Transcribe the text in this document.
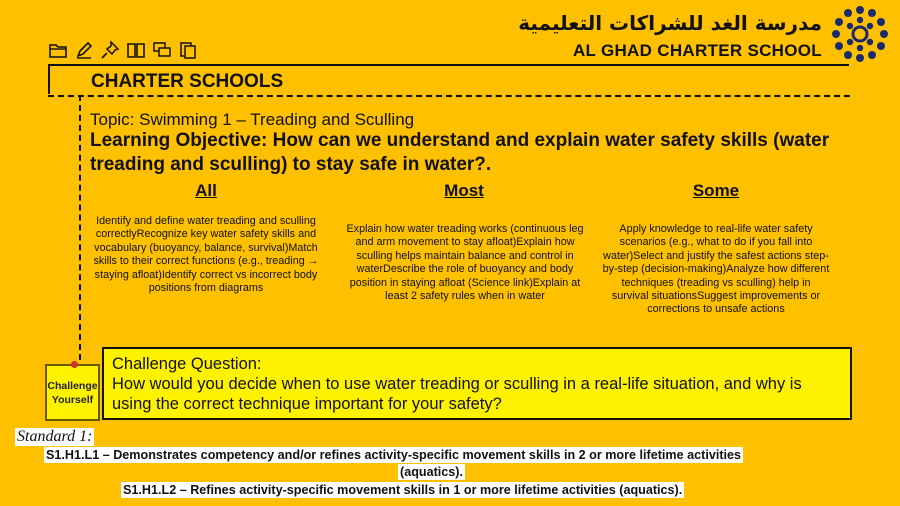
CHARTER SCHOOLS
مدرسة الغد للشراكات التعليمية
AL GHAD CHARTER SCHOOL
Topic: Swimming 1 – Treading and Sculling
Learning Objective: How can we understand and explain water safety skills (water treading and sculling) to stay safe in water?.
All
Identify and define water treading and sculling correctlyRecognize key water safety skills and vocabulary (buoyancy, balance, survival)Match skills to their correct functions (e.g., treading → staying afloat)Identify correct vs incorrect body positions from diagrams
Most
Explain how water treading works (continuous leg and arm movement to stay afloat)Explain how sculling helps maintain balance and control in waterDescribe the role of buoyancy and body position in staying afloat (Science link)Explain at least 2 safety rules when in water
Some
Apply knowledge to real-life water safety scenarios (e.g., what to do if you fall into water)Select and justify the safest actions step-by-step (decision-making)Analyze how different techniques (treading vs sculling) help in survival situationsSuggest improvements or corrections to unsafe actions
Challenge
Yourself
Challenge Question:
How would you decide when to use water treading or sculling in a real-life situation, and why is using the correct technique important for your safety?
Standard 1:
S1.H1.L1 – Demonstrates competency and/or refines activity-specific movement skills in 2 or more lifetime activities
(aquatics).
S1.H1.L2 – Refines activity-specific movement skills in 1 or more lifetime activities (aquatics).
